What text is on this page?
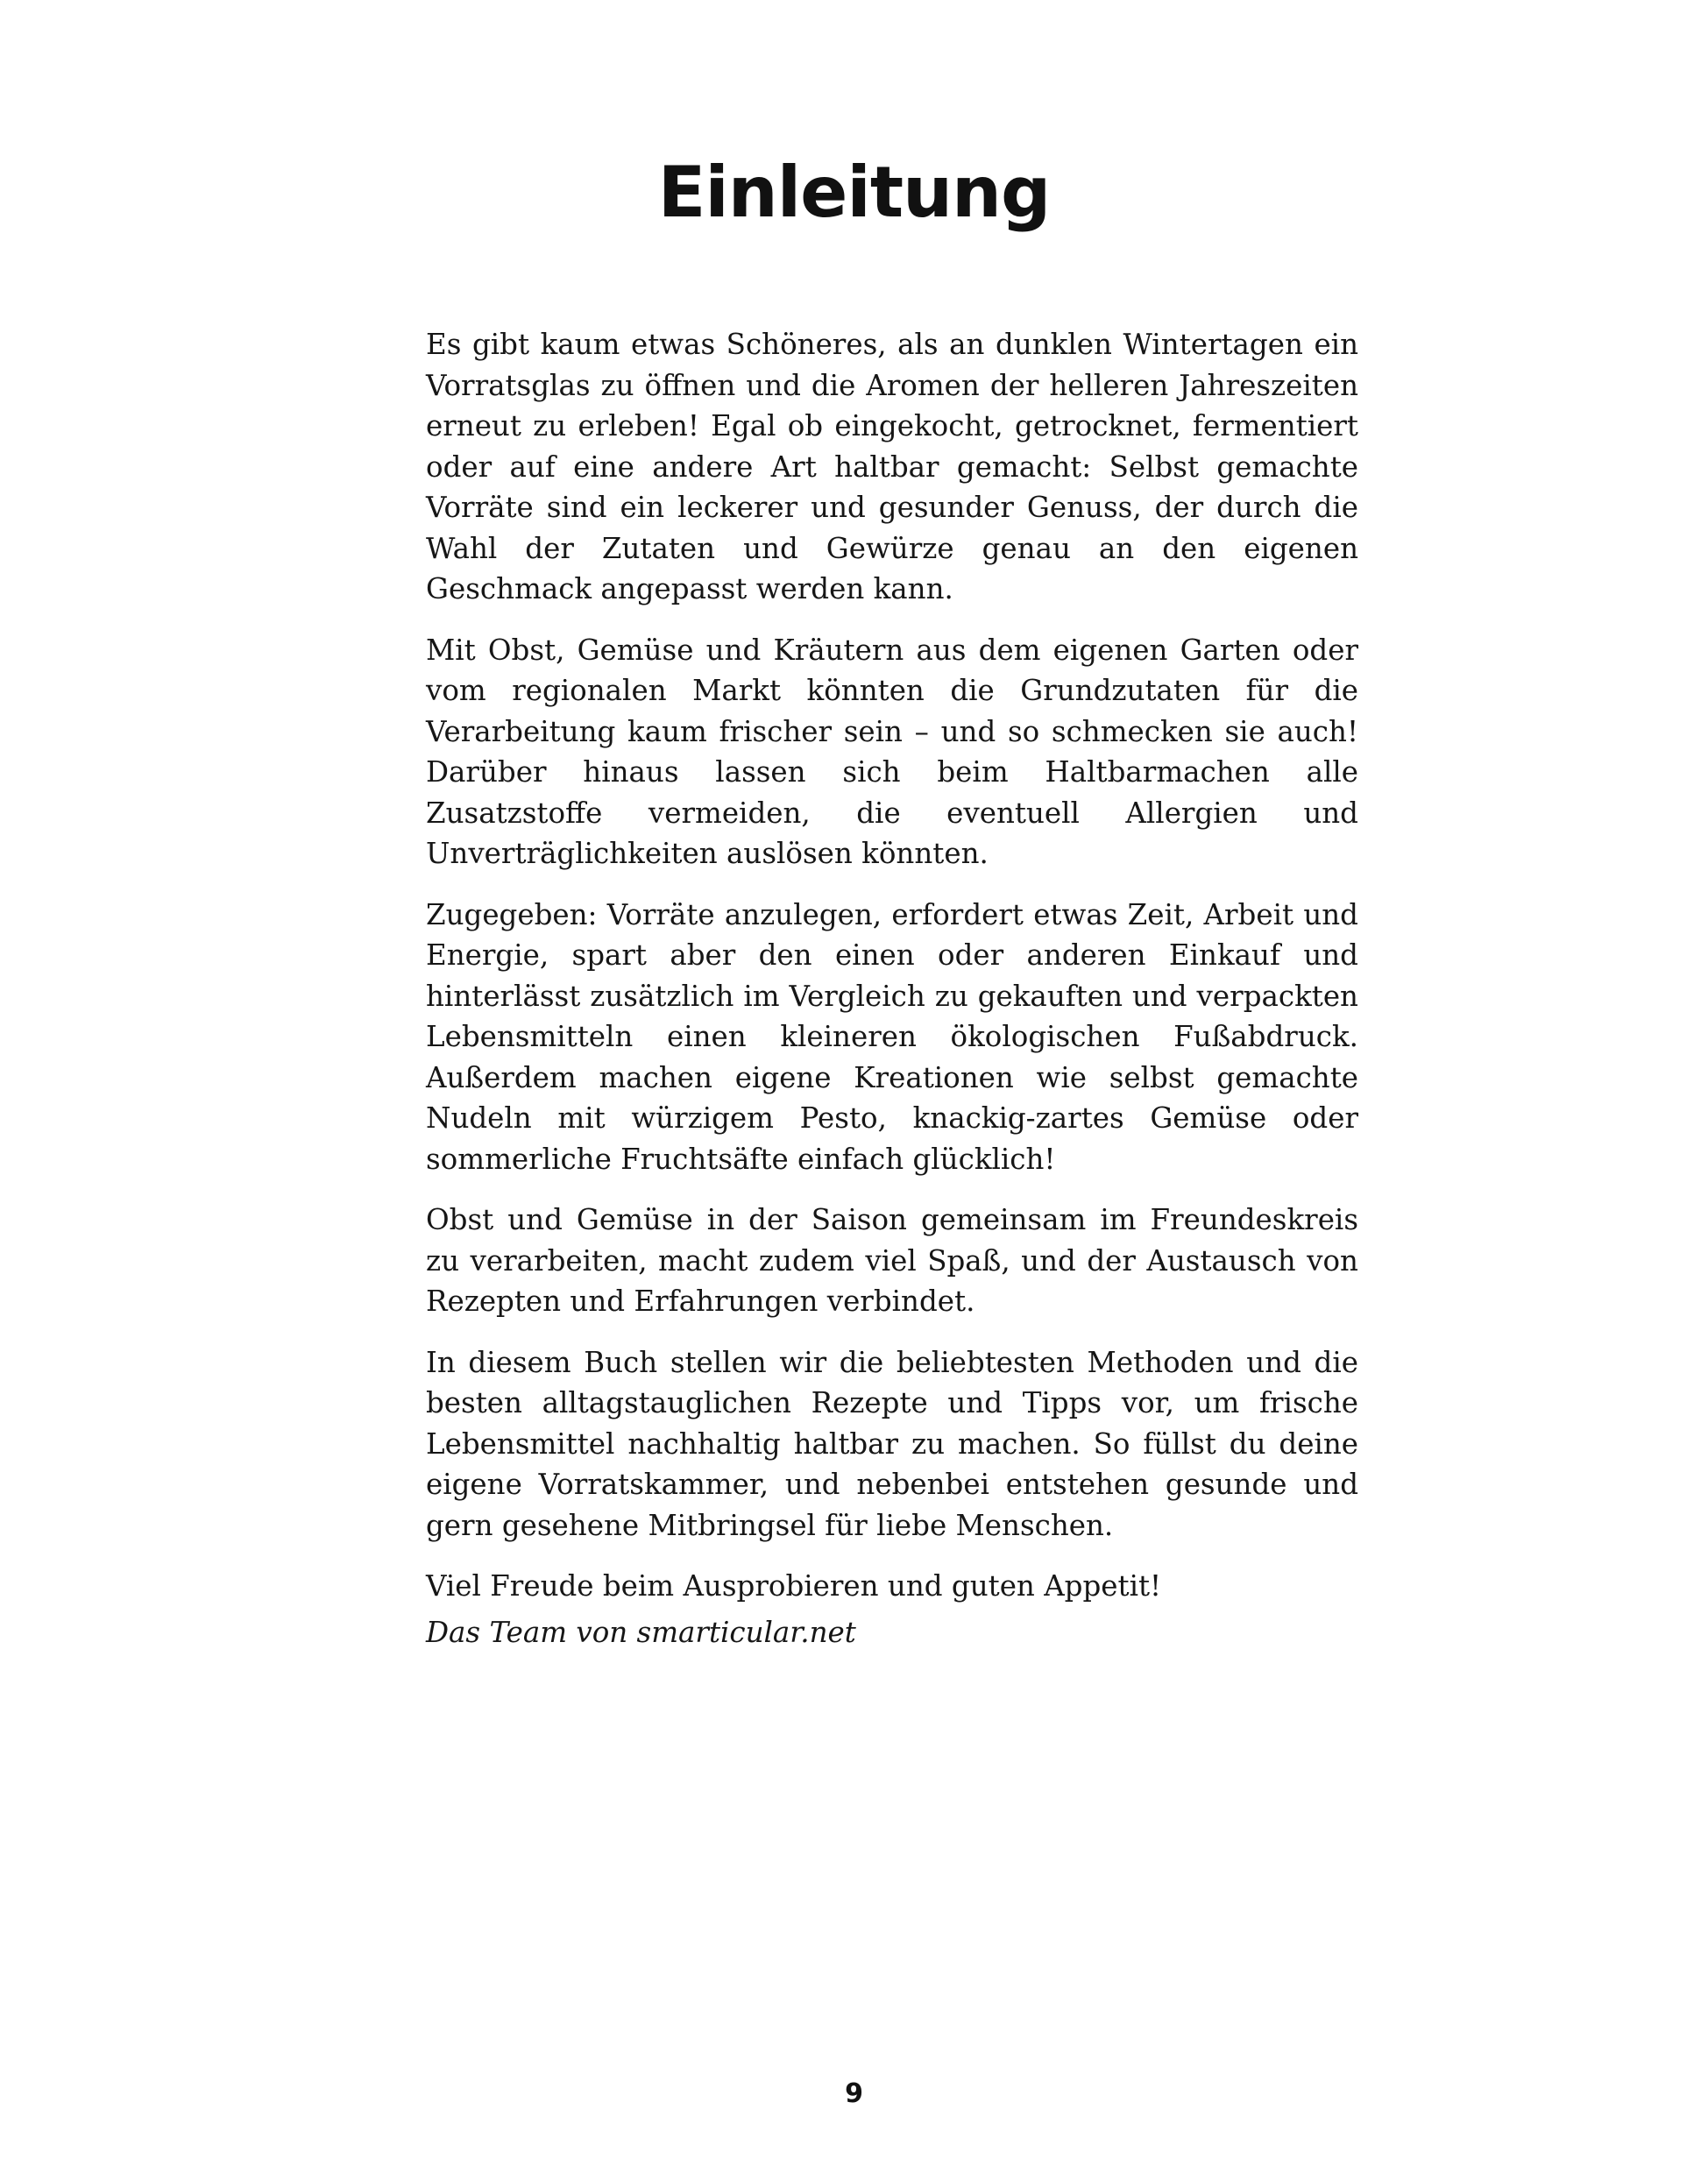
Einleitung

Es gibt kaum etwas Schöneres, als an dunklen Wintertagen ein Vorratsglas zu öffnen und die Aromen der helleren Jahreszeiten erneut zu erleben! Egal ob eingekocht, getrocknet, fermentiert oder auf eine andere Art haltbar gemacht: Selbst gemachte Vorräte sind ein leckerer und gesunder Genuss, der durch die Wahl der Zutaten und Gewürze genau an den eigenen Geschmack angepasst werden kann.

Mit Obst, Gemüse und Kräutern aus dem eigenen Garten oder vom regionalen Markt könnten die Grundzutaten für die Verarbeitung kaum frischer sein – und so schmecken sie auch! Darüber hinaus lassen sich beim Haltbarmachen alle Zusatzstoffe vermeiden, die eventuell Allergien und Unverträglichkeiten auslösen könnten.

Zugegeben: Vorräte anzulegen, erfordert etwas Zeit, Arbeit und Energie, spart aber den einen oder anderen Einkauf und hinterlässt zusätzlich im Vergleich zu gekauften und verpackten Lebensmitteln einen kleineren ökologischen Fußabdruck. Außerdem machen eigene Kreationen wie selbst gemachte Nudeln mit würzigem Pesto, knackig-zartes Gemüse oder sommerliche Fruchtsäfte einfach glücklich!

Obst und Gemüse in der Saison gemeinsam im Freundeskreis zu verarbeiten, macht zudem viel Spaß, und der Austausch von Rezepten und Erfahrungen verbindet.

In diesem Buch stellen wir die beliebtesten Methoden und die besten alltagstauglichen Rezepte und Tipps vor, um frische Lebensmittel nachhaltig haltbar zu machen. So füllst du deine eigene Vorratskammer, und nebenbei entstehen gesunde und gern gesehene Mitbringsel für liebe Menschen.

Viel Freude beim Ausprobieren und guten Appetit!

Das Team von smarticular.net

9
